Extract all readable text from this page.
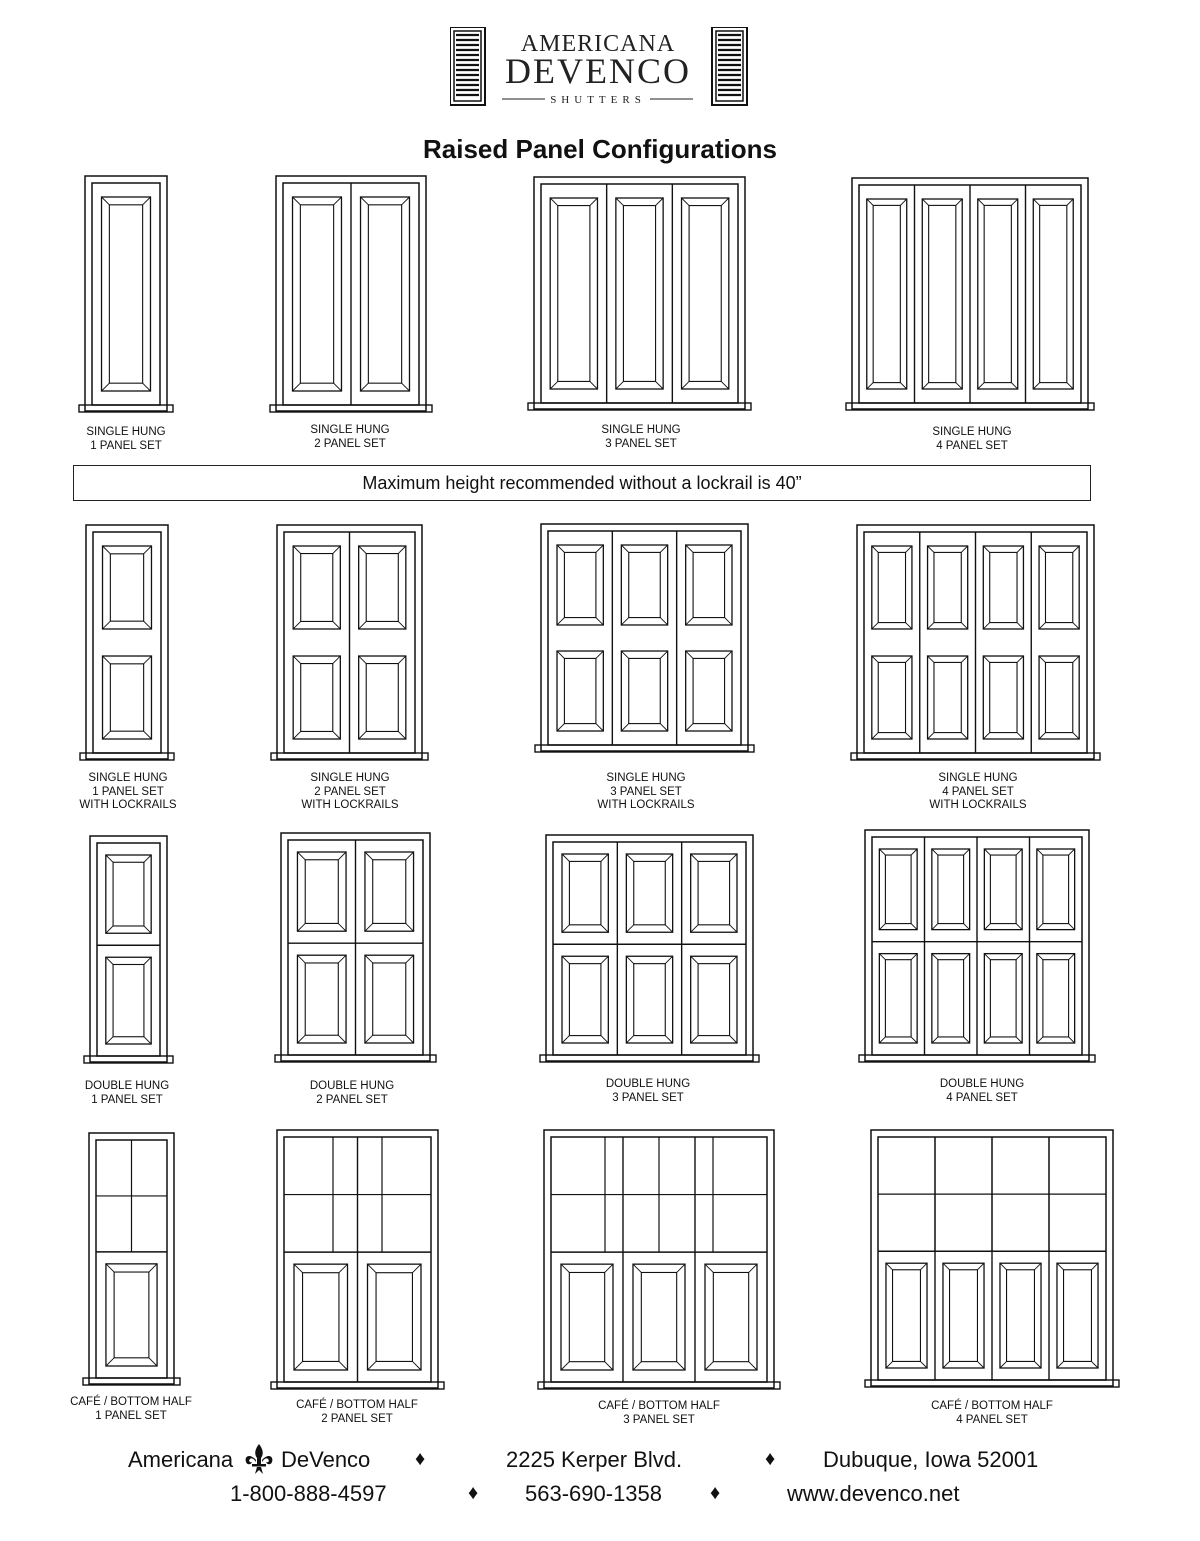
AMERICANA
DEVENCO
SHUTTERS
Raised Panel Configurations
Maximum height recommended without a lockrail is 40”
SINGLE HUNG
1 PANEL SET
SINGLE HUNG
2 PANEL SET
SINGLE HUNG
3 PANEL SET
SINGLE HUNG
4 PANEL SET
SINGLE HUNG
1 PANEL SET
WITH LOCKRAILS
SINGLE HUNG
2 PANEL SET
WITH LOCKRAILS
SINGLE HUNG
3 PANEL SET
WITH LOCKRAILS
SINGLE HUNG
4 PANEL SET
WITH LOCKRAILS
DOUBLE HUNG
1 PANEL SET
DOUBLE HUNG
2 PANEL SET
DOUBLE HUNG
3 PANEL SET
DOUBLE HUNG
4 PANEL SET
CAFÉ / BOTTOM HALF
1 PANEL SET
CAFÉ / BOTTOM HALF
2 PANEL SET
CAFÉ / BOTTOM HALF
3 PANEL SET
CAFÉ / BOTTOM HALF
4 PANEL SET
Americana DeVenco ♦	2225 Kerper Blvd.	♦ Dubuque, Iowa 52001
1-800-888-4597	♦ 563-690-1358 ♦	www.devenco.net
